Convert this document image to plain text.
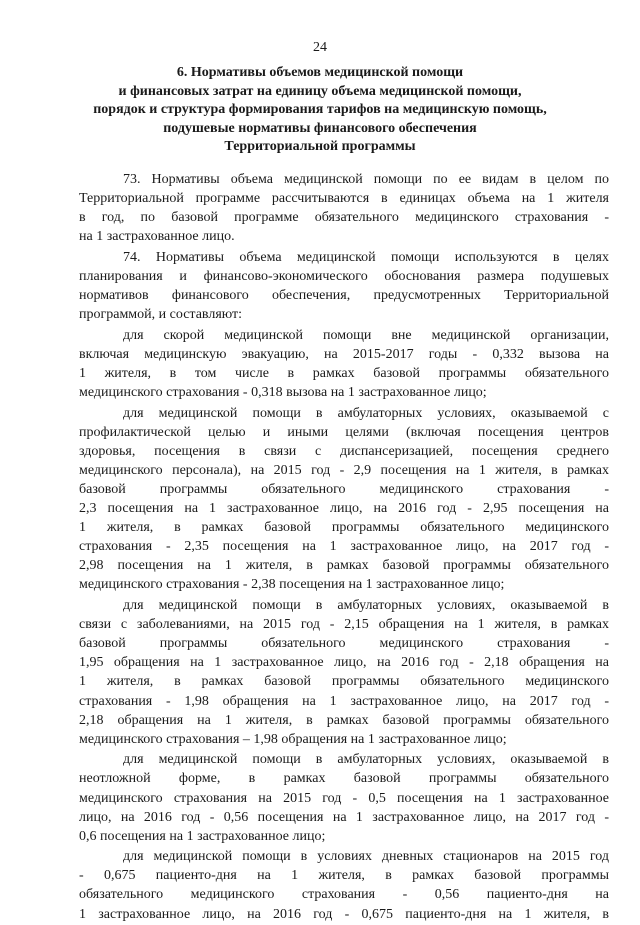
24
6. Нормативы объемов медицинской помощи
и финансовых затрат на единицу объема медицинской помощи,
порядок и структура формирования тарифов на медицинскую помощь,
подушевые нормативы финансового обеспечения
Территориальной программы
73. Нормативы объема медицинской помощи по ее видам в целом по
Территориальной программе рассчитываются в единицах объема на 1 жителя
в год, по базовой программе обязательного медицинского страхования -
на 1 застрахованное лицо.
74. Нормативы объема медицинской помощи используются в целях
планирования и финансово-экономического обоснования размера подушевых
нормативов финансового обеспечения, предусмотренных Территориальной
программой, и составляют:
для скорой медицинской помощи вне медицинской организации,
включая медицинскую эвакуацию, на 2015-2017 годы - 0,332 вызова на
1 жителя, в том числе в рамках базовой программы обязательного
медицинского страхования - 0,318 вызова на 1 застрахованное лицо;
для медицинской помощи в амбулаторных условиях, оказываемой с
профилактической целью и иными целями (включая посещения центров
здоровья, посещения в связи с диспансеризацией, посещения среднего
медицинского персонала), на 2015 год - 2,9 посещения на 1 жителя, в рамках
базовой программы обязательного медицинского страхования -
2,3 посещения на 1 застрахованное лицо, на 2016 год - 2,95 посещения на
1 жителя, в рамках базовой программы обязательного медицинского
страхования - 2,35 посещения на 1 застрахованное лицо, на 2017 год -
2,98 посещения на 1 жителя, в рамках базовой программы обязательного
медицинского страхования - 2,38 посещения на 1 застрахованное лицо;
для медицинской помощи в амбулаторных условиях, оказываемой в
связи с заболеваниями, на 2015 год - 2,15 обращения на 1 жителя, в рамках
базовой программы обязательного медицинского страхования -
1,95 обращения на 1 застрахованное лицо, на 2016 год - 2,18 обращения на
1 жителя, в рамках базовой программы обязательного медицинского
страхования - 1,98 обращения на 1 застрахованное лицо, на 2017 год -
2,18 обращения на 1 жителя, в рамках базовой программы обязательного
медицинского страхования – 1,98 обращения на 1 застрахованное лицо;
для медицинской помощи в амбулаторных условиях, оказываемой в
неотложной форме, в рамках базовой программы обязательного
медицинского страхования на 2015 год - 0,5 посещения на 1 застрахованное
лицо, на 2016 год - 0,56 посещения на 1 застрахованное лицо, на 2017 год -
0,6 посещения на 1 застрахованное лицо;
для медицинской помощи в условиях дневных стационаров на 2015 год
- 0,675 пациенто-дня на 1 жителя, в рамках базовой программы
обязательного медицинского страхования - 0,56 пациенто-дня на
1 застрахованное лицо, на 2016 год - 0,675 пациенто-дня на 1 жителя, в
